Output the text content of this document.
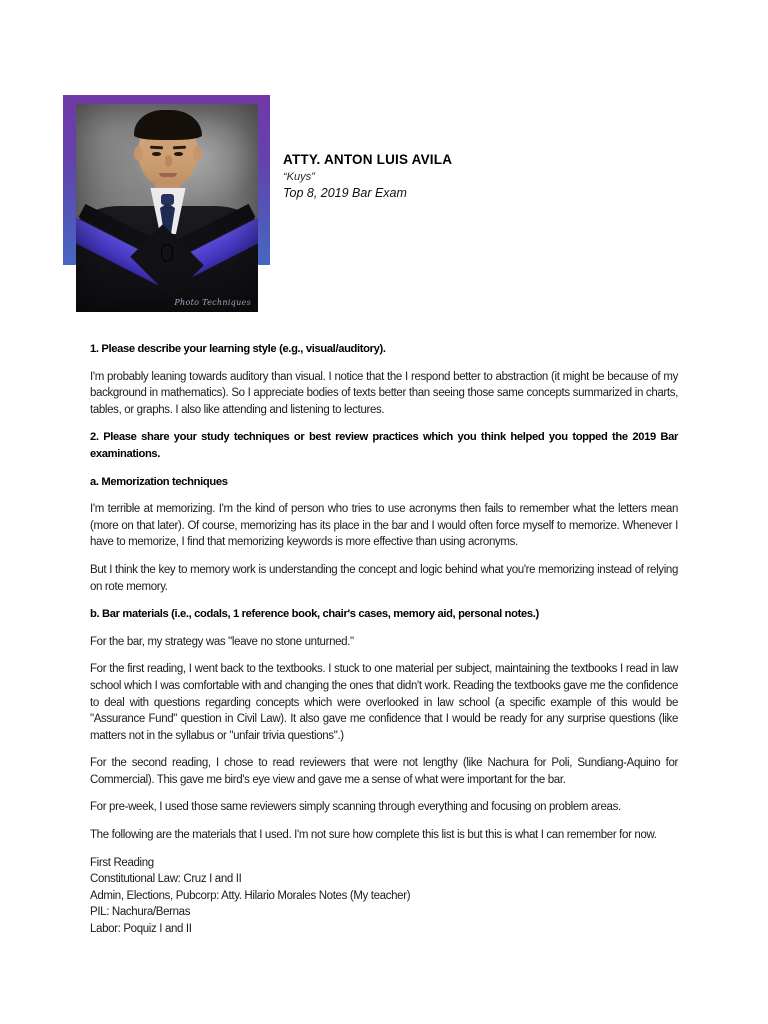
Photo Techniques
ATTY. ANTON LUIS AVILA
“Kuys”
Top 8, 2019 Bar Exam

1. Please describe your learning style (e.g., visual/auditory).

I'm probably leaning towards auditory than visual. I notice that the I respond better to abstraction (it might be because of my background in mathematics). So I appreciate bodies of texts better than seeing those same concepts summarized in charts, tables, or graphs. I also like attending and listening to lectures.

2. Please share your study techniques or best review practices which you think helped you topped the 2019 Bar examinations.

a. Memorization techniques

I'm terrible at memorizing. I'm the kind of person who tries to use acronyms then fails to remember what the letters mean (more on that later). Of course, memorizing has its place in the bar and I would often force myself to memorize. Whenever I have to memorize, I find that memorizing keywords is more effective than using acronyms.

But I think the key to memory work is understanding the concept and logic behind what you're memorizing instead of relying on rote memory.

b. Bar materials (i.e., codals, 1 reference book, chair's cases, memory aid, personal notes.)

For the bar, my strategy was "leave no stone unturned."

For the first reading, I went back to the textbooks. I stuck to one material per subject, maintaining the textbooks I read in law school which I was comfortable with and changing the ones that didn't work. Reading the textbooks gave me the confidence to deal with questions regarding concepts which were overlooked in law school (a specific example of this would be "Assurance Fund" question in Civil Law). It also gave me confidence that I would be ready for any surprise questions (like matters not in the syllabus or "unfair trivia questions".)

For the second reading, I chose to read reviewers that were not lengthy (like Nachura for Poli, Sundiang-Aquino for Commercial). This gave me bird's eye view and gave me a sense of what were important for the bar.

For pre-week, I used those same reviewers simply scanning through everything and focusing on problem areas.

The following are the materials that I used. I'm not sure how complete this list is but this is what I can remember for now.

First Reading

Constitutional Law: Cruz I and II

Admin, Elections, Pubcorp: Atty. Hilario Morales Notes (My teacher)

PIL: Nachura/Bernas

Labor: Poquiz I and II
